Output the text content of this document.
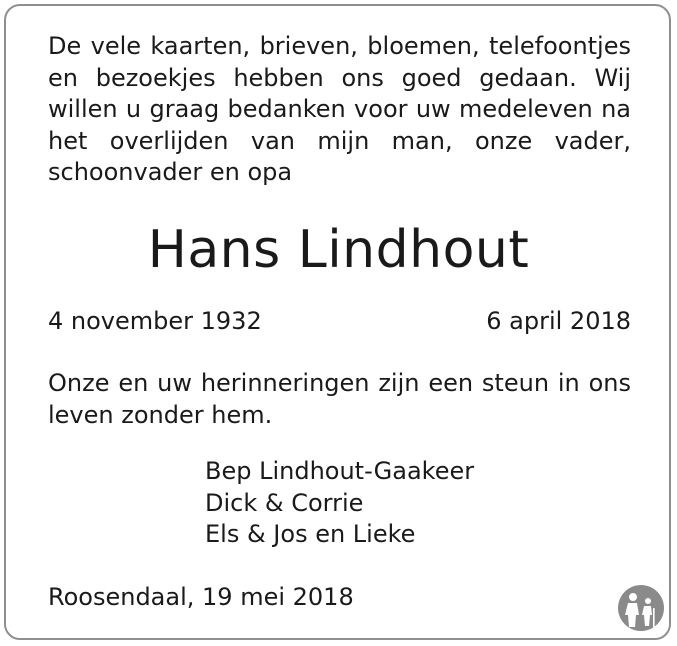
De vele kaarten, brieven, bloemen, telefoontjes en bezoekjes hebben ons goed gedaan. Wij willen u graag bedanken voor uw medeleven na het overlijden van mijn man, onze vader, schoonvader en opa
Hans Lindhout
4 november 1932	6 april 2018
Onze en uw herinneringen zijn een steun in ons leven zonder hem.
Bep Lindhout-Gaakeer
Dick & Corrie
Els & Jos en Lieke
Roosendaal, 19 mei 2018
